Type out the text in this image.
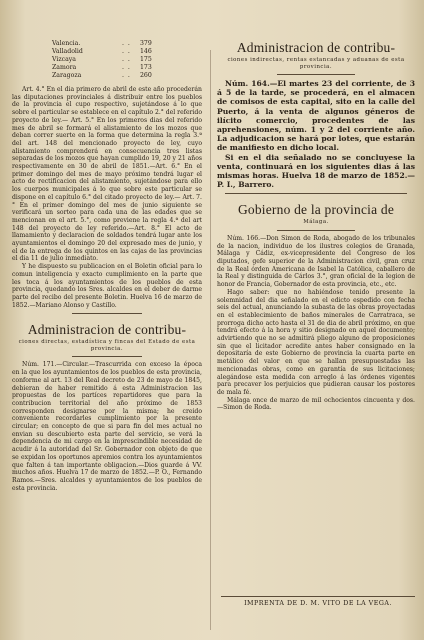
Valencia.	. .	379
Valladolid	. .	146
Vizcaya	. .	175
Zamora	. .	173
Zaragoza	. .	260

Art. 4.° En el dia primero de abril de este año procederán las diputaciones provinciales á distribuir entre los pueblos de la provincia el cupo respectivo, sujetándose á lo que sobre el particular se establece en el capítulo 2.° del referido proyecto de ley.— Art. 5.° En los primeros dias del referido mes de abril se formará el alistamiento de los mozos que deban correr suerte en la forma que determina la regla 3.ª del art. 148 del mencionado proyecto de ley, cuyo alistamiento comprenderá en consecuencia tres listas separadas de los mozos que hayan cumplido 19, 20 y 21 años respectivamente en 30 de abril de 1851.—Art. 6.° En el primer domingo del mes de mayo próximo tendrá lugar el acto de rectificacion del alistamiento, sujetándose para ello los cuerpos municipales á lo que sobre este particular se dispone en el capítulo 6.° del citado proyecto de ley.— Art. 7.° En el primer domingo del mes de junio siguiente se verificará un sorteo para cada una de las edades que se mencionan en el art. 5.°, como previene la regla 4.ª del art 148 del proyecto de ley referido.—Art. 8.° El acto de llamamiento y declaracion de soldados tendrá lugar ante los ayuntamientos el domingo 20 del expresado mes de junio, y el de la entrega de los quintos en las cajas de las provincias el dia 11 de julio inmediato.

Y he dispuesto su publicacion en el Boletin oficial para lo comun inteligencia y exacto cumplimiento en la parte que les toca á los ayuntamientos de los pueblos de esta provincia, quedando los Sres. alcaldes en el deber de darme parte del recibo del presente Boletin. Huelva 16 de marzo de 1852.—Mariano Alonso y Castillo.

Administracion de contribu-

ciones directas, estadística y fincas del Estado de esta provincia.

Núm. 171.—Circular.—Trascurrida con exceso la época en la que los ayuntamientos de los pueblos de esta provincia, conforme al art. 13 del Real decreto de 23 de mayo de 1845, debieran de haber remitido á esta Administracion las propuestas de los partíces repartidores que para la contribucion territorial del año próximo de 1853 corresponden designarse por la misma; he creido conveniente recordarles cumplimiento por la presente circular; en concepto de que si para fin del mes actual no envian su descubierto esta parte del servicio, se verá la dependencia de mi cargo en la imprescindible necesidad de acudir á la autoridad del Sr. Gobernador con objeto de que se expidan los oportunos apremios contra los ayuntamientos que falten á tan importante obligacion.—Dios guarde á VV. muchos años. Huelva 17 de marzo de 1852.—P. O., Fernando Ramos.—Sres. alcaldes y ayuntamientos de los pueblos de esta provincia.

Administracion de contribu-

ciones indirectas, rentas estancadas y aduanas de esta provincia.

Núm. 164.—El martes 23 del corriente, de 3 á 5 de la tarde, se procederá, en el almacen de comisos de esta capital, sito en la calle del Puerto, á la venta de algunos géneros de ilícito comercio, procedentes de las aprehensiones, núm. 1 y 2 del corriente año. La adjudicacion se hará por lotes, que estarán de manifiesto en dicho local.

Si en el dia señalado no se concluyese la venta, continuará en los siguientes dias á las mismas horas. Huelva 18 de marzo de 1852.—P. I., Barrero.

Gobierno de la provincia de

Málaga.

Núm. 166.—Don Simon de Roda, abogado de los tribunales de la nacion, individuo de los ilustres colegios de Granada, Málaga y Cádiz, ex-vicepresidente del Congreso de los diputados, gefe superior de la Administracion civil, gran cruz de la Real órden Americana de Isabel la Católica, caballero de la Real y distinguida de Cárlos 3.°, gran oficial de la legion de honor de Francia, Gobernador de esta provincia, etc., etc.

Hago saber: que no habiéndose tenido presente la solemnidad del dia señalado en el edicto espedido con fecha seis del actual, anunciando la subasta de las obras proyectadas en el establecimiento de baños minerales de Carratraca, se prorroga dicho acto hasta el 31 de dia de abril próximo, en que tendrá efecto á la hora y sitio designado en aquel documento; advirtiendo que no se admitirá pliego alguno de proposiciones sin que el licitador acredite antes haber consignado en la depositaría de este Gobierno de provincia la cuarta parte en metálico del valor en que se hallan presupuestadas las mencionadas obras, como en garantía de sus licitaciones; alegándose esta medida con arreglo á las órdenes vigentes para precaver los perjuicios que pudieran causar los postores de mala fé.

Málaga once de marzo de mil ochocientos cincuenta y dos.—Simon de Roda.

IMPRENTA DE D. M. VITO DE LA VEGA.
